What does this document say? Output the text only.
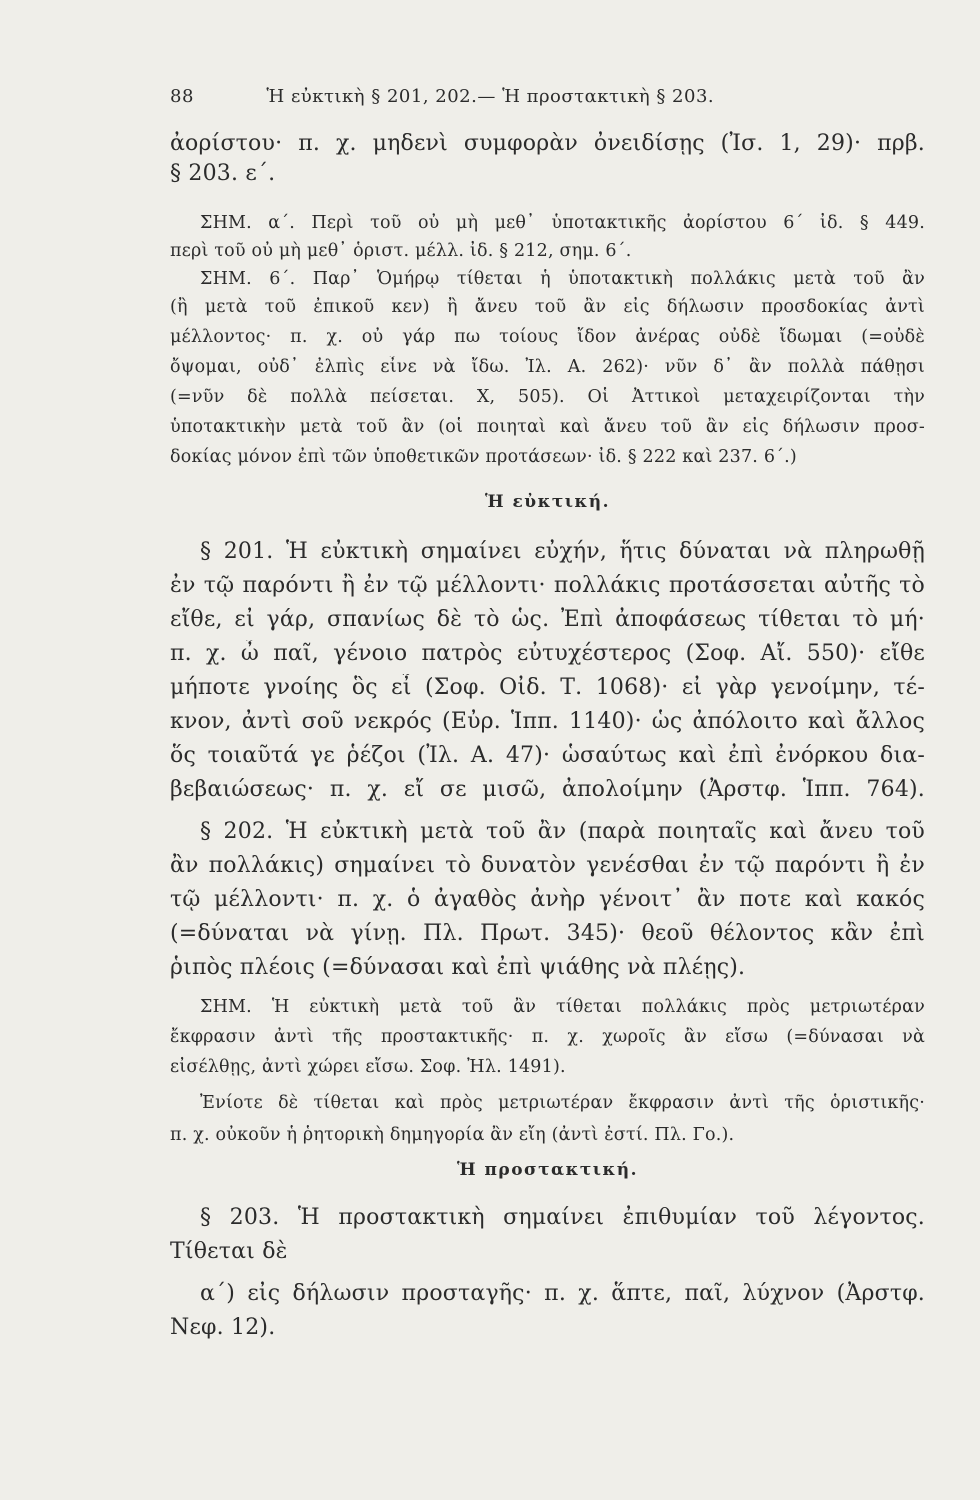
88	Ἡ εὐκτικὴ § 201, 202.— Ἡ προστακτικὴ § 203.
ἀορίστου· π. χ. μηδενὶ συμφορὰν ὀνειδίσῃς (Ἰσ. 1, 29)· πρβ.
§ 203. ε΄.
ΣΗΜ. α΄. Περὶ τοῦ οὐ μὴ μεθ᾽ ὑποτακτικῆς ἀορίστου 6΄ ἰδ. § 449.
περὶ τοῦ οὐ μὴ μεθ᾽ ὁριστ. μέλλ. ἰδ. § 212, σημ. 6΄.
ΣΗΜ. 6΄. Παρ᾽ Ὁμήρῳ τίθεται ἡ ὑποτακτικὴ πολλάκις μετὰ τοῦ ἂν
(ἢ μετὰ τοῦ ἐπικοῦ κεν) ἢ ἄνευ τοῦ ἂν εἰς δήλωσιν προσδοκίας ἀντὶ
μέλλοντος· π. χ. οὐ γάρ πω τοίους ἴδον ἀνέρας οὐδὲ ἴδωμαι (=οὐδὲ
ὄψομαι, οὐδ᾽ ἐλπὶς εἶνε νὰ ἴδω. Ἰλ. Α. 262)· νῦν δ᾽ ἂν πολλὰ πάθῃσι
(=νῦν δὲ πολλὰ πείσεται. Χ, 505). Οἱ Ἀττικοὶ μεταχειρίζονται τὴν
ὑποτακτικὴν μετὰ τοῦ ἂν (οἱ ποιηταὶ καὶ ἄνευ τοῦ ἂν εἰς δήλωσιν προσ-
δοκίας μόνον ἐπὶ τῶν ὑποθετικῶν προτάσεων· ἰδ. § 222 καὶ 237. 6΄.)
Ἡ εὐκτική.
§ 201. Ἡ εὐκτικὴ σημαίνει εὐχήν, ἥτις δύναται νὰ πληρωθῇ
ἐν τῷ παρόντι ἢ ἐν τῷ μέλλοντι· πολλάκις προτάσσεται αὐτῆς τὸ
εἴθε, εἰ γάρ, σπανίως δὲ τὸ ὡς. Ἐπὶ ἀποφάσεως τίθεται τὸ μή·
π. χ. ὦ παῖ, γένοιο πατρὸς εὐτυχέστερος (Σοφ. Αἴ. 550)· εἴθε
μήποτε γνοίης ὃς εἶ (Σοφ. Οἰδ. Τ. 1068)· εἰ γὰρ γενοίμην, τέ-
κνον, ἀντὶ σοῦ νεκρός (Εὐρ. Ἱππ. 1140)· ὡς ἀπόλοιτο καὶ ἄλλος
ὅς τοιαῦτά γε ῥέζοι (Ἰλ. Α. 47)· ὡσαύτως καὶ ἐπὶ ἐνόρκου δια-
βεβαιώσεως· π. χ. εἴ σε μισῶ, ἀπολοίμην (Ἀρστφ. Ἱππ. 764).
§ 202. Ἡ εὐκτικὴ μετὰ τοῦ ἂν (παρὰ ποιηταῖς καὶ ἄνευ τοῦ
ἂν πολλάκις) σημαίνει τὸ δυνατὸν γενέσθαι ἐν τῷ παρόντι ἢ ἐν
τῷ μέλλοντι· π. χ. ὁ ἀγαθὸς ἀνὴρ γένοιτ᾽ ἂν ποτε καὶ κακός
(=δύναται νὰ γίνῃ. Πλ. Πρωτ. 345)· θεοῦ θέλοντος κἂν ἐπὶ
ῥιπὸς πλέοις (=δύνασαι καὶ ἐπὶ ψιάθης νὰ πλέῃς).
ΣΗΜ. Ἡ εὐκτικὴ μετὰ τοῦ ἂν τίθεται πολλάκις πρὸς μετριωτέραν
ἔκφρασιν ἀντὶ τῆς προστακτικῆς· π. χ. χωροῖς ἂν εἴσω (=δύνασαι νὰ
εἰσέλθῃς, ἀντὶ χώρει εἴσω. Σοφ. Ἠλ. 1491).
Ἐνίοτε δὲ τίθεται καὶ πρὸς μετριωτέραν ἔκφρασιν ἀντὶ τῆς ὁριστικῆς·
π. χ. οὐκοῦν ἡ ῥητορικὴ δημηγορία ἂν εἴη (ἀντὶ ἐστί. Πλ. Γο.).
Ἡ προστακτική.
§ 203. Ἡ προστακτικὴ σημαίνει ἐπιθυμίαν τοῦ λέγοντος.
Τίθεται δὲ
α΄) εἰς δήλωσιν προσταγῆς· π. χ. ἅπτε, παῖ, λύχνον (Ἀρστφ.
Νεφ. 12).
